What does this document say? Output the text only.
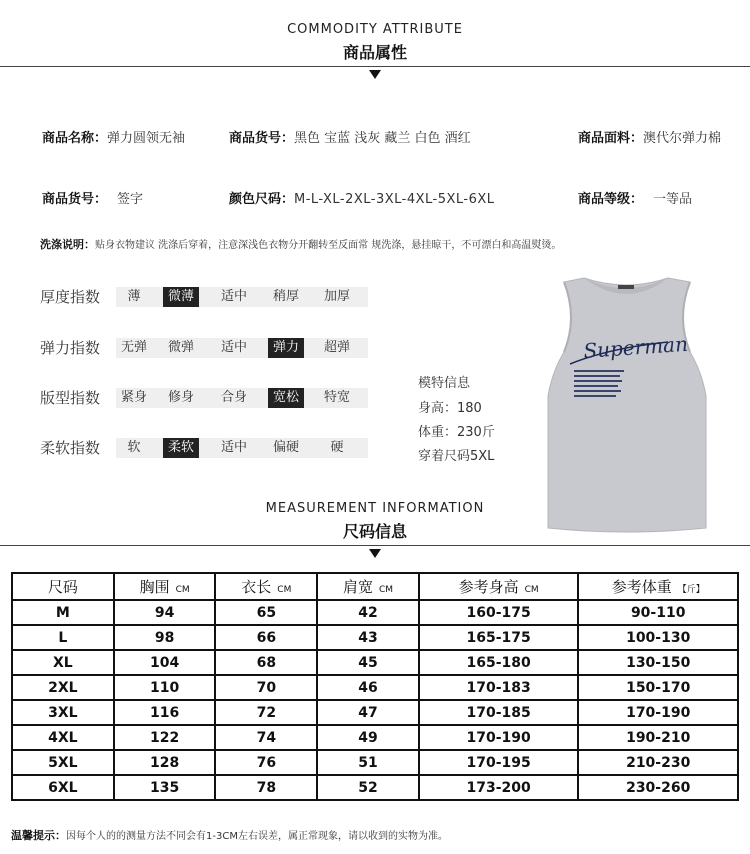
COMMODITY ATTRIBUTE
商品属性
商品名称：弹力圆领无袖	商品货号：黑色 宝蓝 浅灰 藏兰 白色 酒红	商品面料：澳代尔弹力棉
商品货号： 签字	颜色尺码：M-L-XL-2XL-3XL-4XL-5XL-6XL	商品等级： 一等品
洗涤说明：贴身衣物建议 洗涤后穿着，注意深浅色衣物分开翻转至反面常 规洗涤，悬挂晾干，不可漂白和高温熨烫。
厚度指数	薄	微薄	适中	稍厚	加厚
弹力指数	无弹	微弹	适中	弹力	超弹
版型指数	紧身	修身	合身	宽松	特宽
柔软指数	软	柔软	适中	偏硬	硬
模特信息
身高：180
体重：230斤
穿着尺码5XL
Superman
MEASUREMENT INFORMATION
尺码信息
尺码	胸围 CM	衣长 CM	肩宽 CM	参考身高 CM	参考体重 【斤】
M	94	65	42	160-175	90-110
L	98	66	43	165-175	100-130
XL	104	68	45	165-180	130-150
2XL	110	70	46	170-183	150-170
3XL	116	72	47	170-185	170-190
4XL	122	74	49	170-190	190-210
5XL	128	76	51	170-195	210-230
6XL	135	78	52	173-200	230-260
温馨提示：因每个人的的测量方法不同会有1-3CM左右误差，属正常现象，请以收到的实物为准。
